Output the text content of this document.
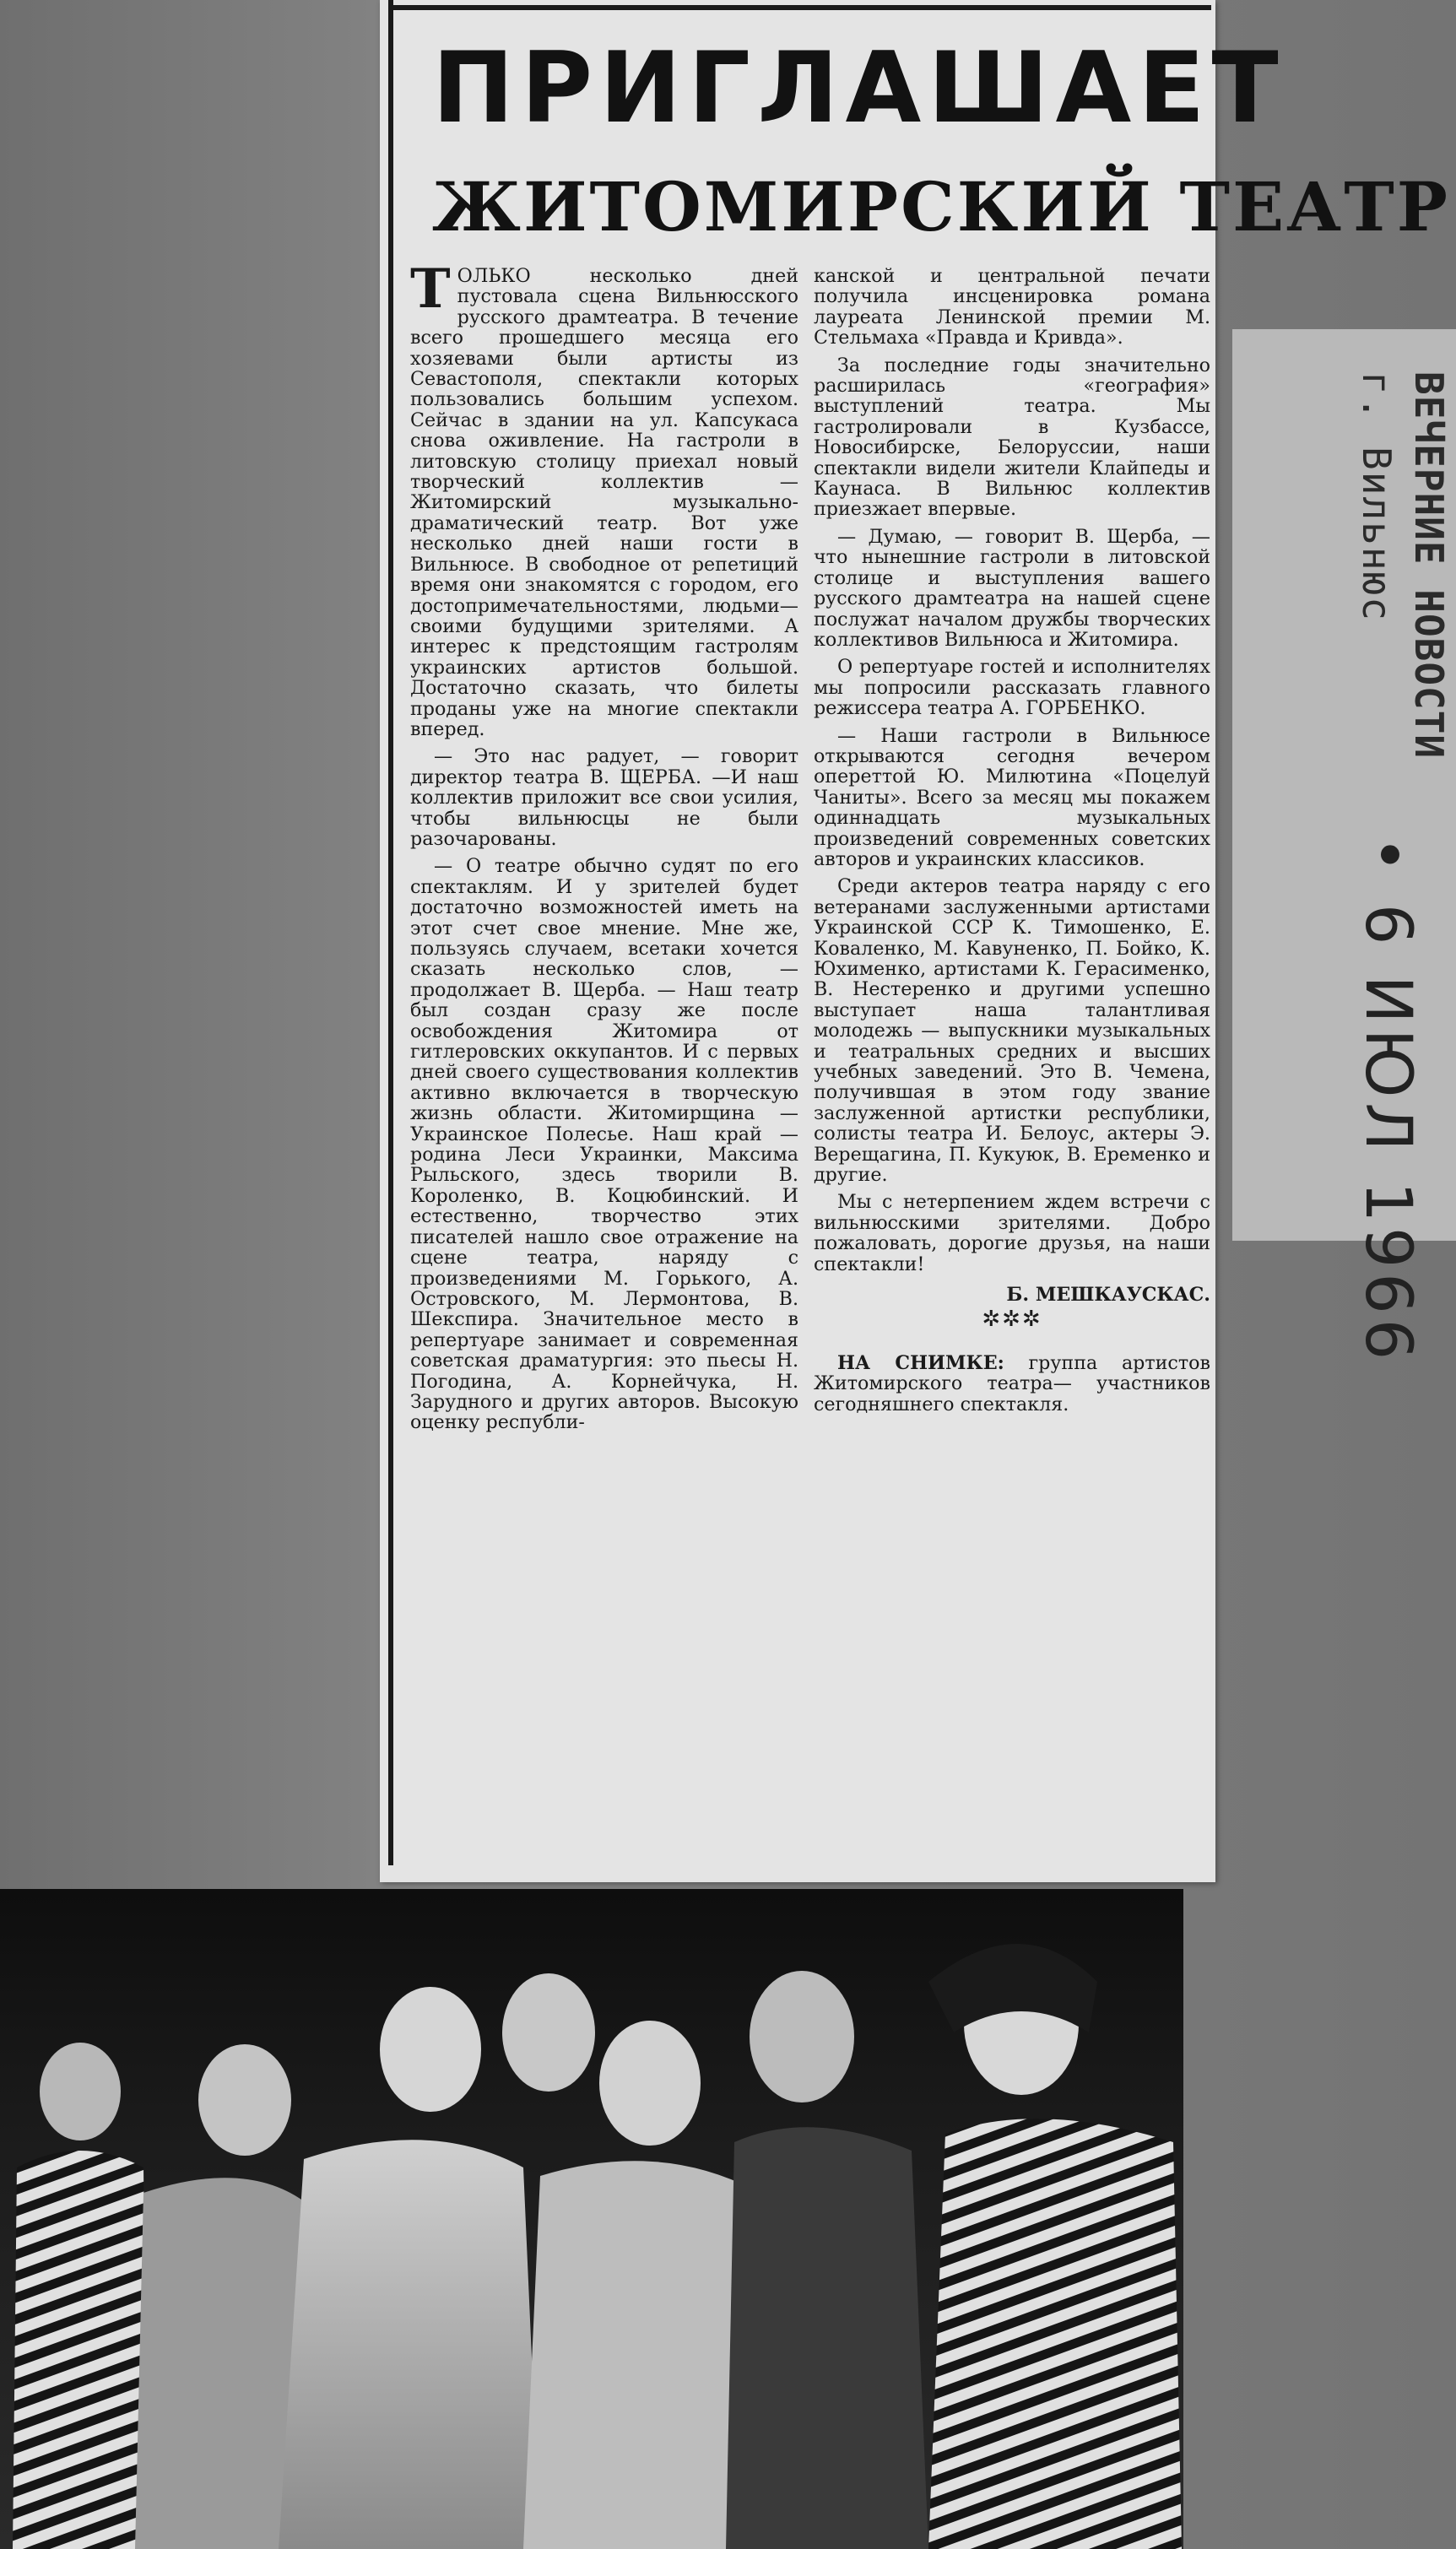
ПРИГЛАШАЕТ
ЖИТОМИРСКИЙ ТЕАТР

ТОЛЬКО несколько дней пустовала сцена Вильнюсского русского драмтеатра. В течение всего прошедшего месяца его хозяевами были артисты из Севастополя, спектакли которых пользовались большим успехом. Сейчас в здании на ул. Капсукаса снова оживление. На гастроли в литовскую столицу приехал новый творческий коллектив — Житомирский музыкально-драматический театр. Вот уже несколько дней наши гости в Вильнюсе. В свободное от репетиций время они знакомятся с городом, его достопримечательностями, людьми—своими будущими зрителями. А интерес к предстоящим гастролям украинских артистов большой. Достаточно сказать, что билеты проданы уже на многие спектакли вперед.

— Это нас радует, — говорит директор театра В. ЩЕРБА. —И наш коллектив приложит все свои усилия, чтобы вильнюсцы не были разочарованы.

— О театре обычно судят по его спектаклям. И у зрителей будет достаточно возможностей иметь на этот счет свое мнение. Мне же, пользуясь случаем, всетаки хочется сказать несколько слов, — продолжает В. Щерба. — Наш театр был создан сразу же после освобождения Житомира от гитлеровских оккупантов. И с первых дней своего существования коллектив активно включается в творческую жизнь области. Житомирщина — Украинское Полесье. Наш край — родина Леси Украинки, Максима Рыльского, здесь творили В. Короленко, В. Коцюбинский. И естественно, творчество этих писателей нашло свое отражение на сцене театра, наряду с произведениями М. Горького, А. Островского, М. Лермонтова, В. Шекспира. Значительное место в репертуаре занимает и современная советская драматургия: это пьесы Н. Погодина, А. Корнейчука, Н. Зарудного и других авторов. Высокую оценку республи-

канской и центральной печати получила инсценировка романа лауреата Ленинской премии М. Стельмаха «Правда и Кривда».

За последние годы значительно расширилась «география» выступлений театра. Мы гастролировали в Кузбассе, Новосибирске, Белоруссии, наши спектакли видели жители Клайпеды и Каунаса. В Вильнюс коллектив приезжает впервые.

— Думаю, — говорит В. Щерба, — что нынешние гастроли в литовской столице и выступления вашего русского драмтеатра на нашей сцене послужат началом дружбы творческих коллективов Вильнюса и Житомира.

О репертуаре гостей и исполнителях мы попросили рассказать главного режиссера театра А. ГОРБЕНКО.

— Наши гастроли в Вильнюсе открываются сегодня вечером опереттой Ю. Милютина «Поцелуй Чаниты». Всего за месяц мы покажем одиннадцать музыкальных произведений современных советских авторов и украинских классиков.

Среди актеров театра наряду с его ветеранами заслуженными артистами Украинской ССР К. Тимошенко, Е. Коваленко, М. Кавуненко, П. Бойко, К. Юхименко, артистами К. Герасименко, В. Нестеренко и другими успешно выступает наша талантливая молодежь — выпускники музыкальных и театральных средних и высших учебных заведений. Это В. Чемена, получившая в этом году звание заслуженной артистки республики, солисты театра И. Белоус, актеры Э. Верещагина, П. Кукуюк, В. Еременко и другие.

Мы с нетерпением ждем встречи с вильнюсскими зрителями. Добро пожаловать, дорогие друзья, на наши спектакли!

Б. МЕШКАУСКАС.
✲✲✲

НА СНИМКЕ: группа артистов Житомирского театра— участников сегодняшнего спектакля.

ВЕЧЕРНИЕ НОВОСТИ
г. Вильнюс
• 6 ИЮЛ 1966
